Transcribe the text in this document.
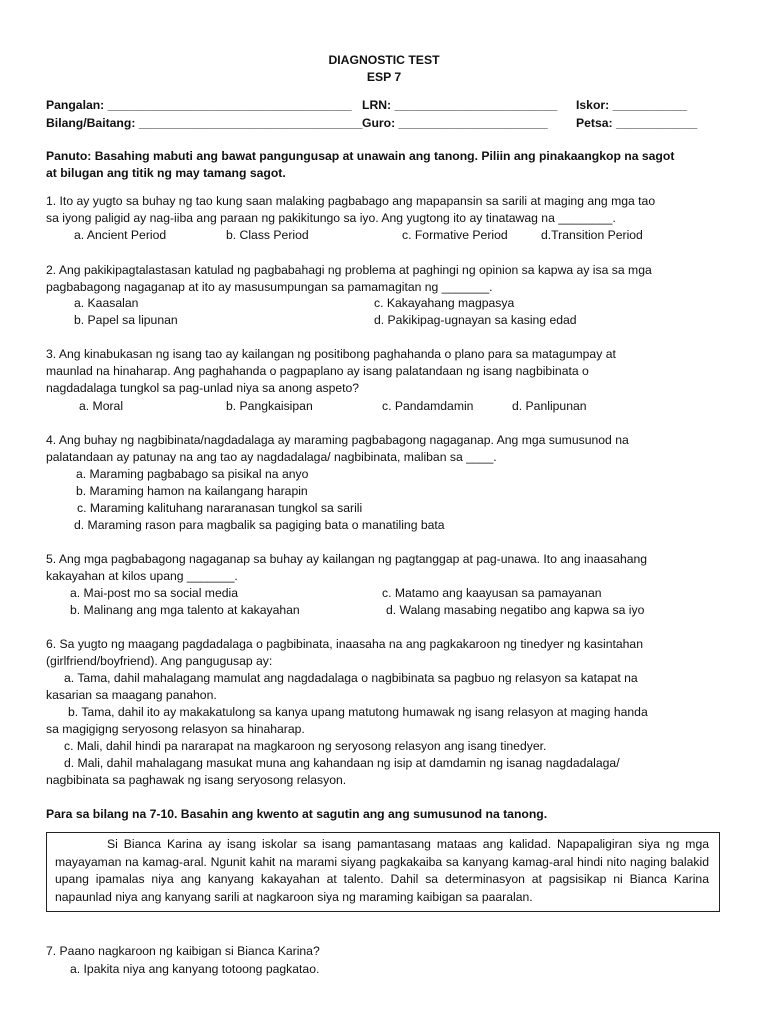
DIAGNOSTIC TEST
ESP 7
Pangalan: ____________________________________ LRN: ________________________ Iskor: ___________
Bilang/Baitang: _________________________________ Guro: ______________________ Petsa: ____________
Panuto: Basahing mabuti ang bawat pangungusap at unawain ang tanong. Piliin ang pinakaangkop na sagot
at bilugan ang titik ng may tamang sagot.
1. Ito ay yugto sa buhay ng tao kung saan malaking pagbabago ang mapapansin sa sarili at maging ang mga tao
sa iyong paligid ay nag-iiba ang paraan ng pakikitungo sa iyo. Ang yugtong ito ay tinatawag na ________.
a. Ancient Period	b. Class Period	c. Formative Period	d.Transition Period
2. Ang pakikipagtalastasan katulad ng pagbabahagi ng problema at paghingi ng opinion sa kapwa ay isa sa mga
pagbabagong nagaganap at ito ay masusumpungan sa pamamagitan ng _______.
a. Kaasalan	c. Kakayahang magpasya
b. Papel sa lipunan	d. Pakikipag-ugnayan sa kasing edad
3. Ang kinabukasan ng isang tao ay kailangan ng positibong paghahanda o plano para sa matagumpay at
maunlad na hinaharap. Ang paghahanda o pagpaplano ay isang palatandaan ng isang nagbibinata o
nagdadalaga tungkol sa pag-unlad niya sa anong aspeto?
a. Moral	b. Pangkaisipan	c. Pandamdamin	d. Panlipunan
4. Ang buhay ng nagbibinata/nagdadalaga ay maraming pagbabagong nagaganap. Ang mga sumusunod na
palatandaan ay patunay na ang tao ay nagdadalaga/ nagbibinata, maliban sa ____.
a. Maraming pagbabago sa pisikal na anyo
b. Maraming hamon na kailangang harapin
c. Maraming kalituhang nararanasan tungkol sa sarili
d. Maraming rason para magbalik sa pagiging bata o manatiling bata
5. Ang mga pagbabagong nagaganap sa buhay ay kailangan ng pagtanggap at pag-unawa. Ito ang inaasahang
kakayahan at kilos upang _______.
a. Mai-post mo sa social media	c. Matamo ang kaayusan sa pamayanan
b. Malinang ang mga talento at kakayahan	d. Walang masabing negatibo ang kapwa sa iyo
6. Sa yugto ng maagang pagdadalaga o pagbibinata, inaasaha na ang pagkakaroon ng tinedyer ng kasintahan
(girlfriend/boyfriend). Ang pangugusap ay:
a. Tama, dahil mahalagang mamulat ang nagdadalaga o nagbibinata sa pagbuo ng relasyon sa katapat na
kasarian sa maagang panahon.
b. Tama, dahil ito ay makakatulong sa kanya upang matutong humawak ng isang relasyon at maging handa
sa magigigng seryosong relasyon sa hinaharap.
c. Mali, dahil hindi pa nararapat na magkaroon ng seryosong relasyon ang isang tinedyer.
d. Mali, dahil mahalagang masukat muna ang kahandaan ng isip at damdamin ng isanag nagdadalaga/
nagbibinata sa paghawak ng isang seryosong relasyon.
Para sa bilang na 7-10. Basahin ang kwento at sagutin ang ang sumusunod na tanong.
Si Bianca Karina ay isang iskolar sa isang pamantasang mataas ang kalidad. Napapaligiran siya ng mga mayayaman na kamag-aral. Ngunit kahit na marami siyang pagkakaiba sa kanyang kamag-aral hindi nito naging balakid upang ipamalas niya ang kanyang kakayahan at talento. Dahil sa determinasyon at pagsisikap ni Bianca Karina napaunlad niya ang kanyang sarili at nagkaroon siya ng maraming kaibigan sa paaralan.
7. Paano nagkaroon ng kaibigan si Bianca Karina?
a. Ipakita niya ang kanyang totoong pagkatao.
